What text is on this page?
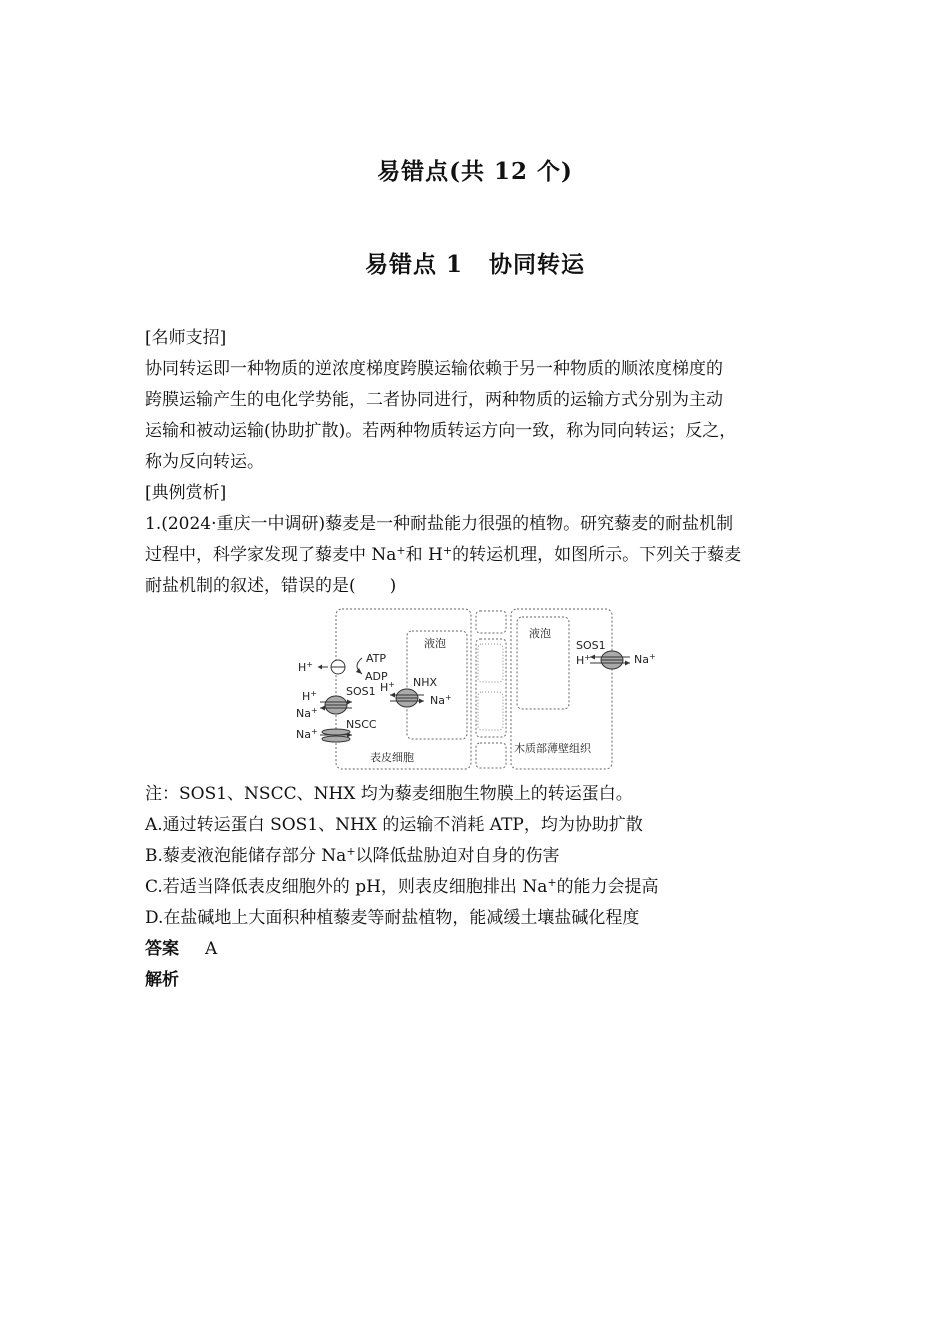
易错点(共 12 个)
易错点 1 协同转运
[名师支招]
协同转运即一种物质的逆浓度梯度跨膜运输依赖于另一种物质的顺浓度梯度的
跨膜运输产生的电化学势能，二者协同进行，两种物质的运输方式分别为主动
运输和被动运输(协助扩散)。若两种物质转运方向一致，称为同向转运；反之，
称为反向转运。
[典例赏析]
1.(2024·重庆一中调研)藜麦是一种耐盐能力很强的植物。研究藜麦的耐盐机制
过程中，科学家发现了藜麦中 Na+和 H+的转运机理，如图所示。下列关于藜麦
耐盐机制的叙述，错误的是(　　)
液泡
液泡
表皮细胞
木质部薄壁组织
H+	ATP
ADP
SOS1
H+
Na+
NSCC
Na+
NHX
H+
Na+
SOS1
H+	Na+
注：SOS1、NSCC、NHX 均为藜麦细胞生物膜上的转运蛋白。
A.通过转运蛋白 SOS1、NHX 的运输不消耗 ATP，均为协助扩散
B.藜麦液泡能储存部分 Na+以降低盐胁迫对自身的伤害
C.若适当降低表皮细胞外的 pH，则表皮细胞排出 Na+的能力会提高
D.在盐碱地上大面积种植藜麦等耐盐植物，能减缓土壤盐碱化程度
答案 A
解析
